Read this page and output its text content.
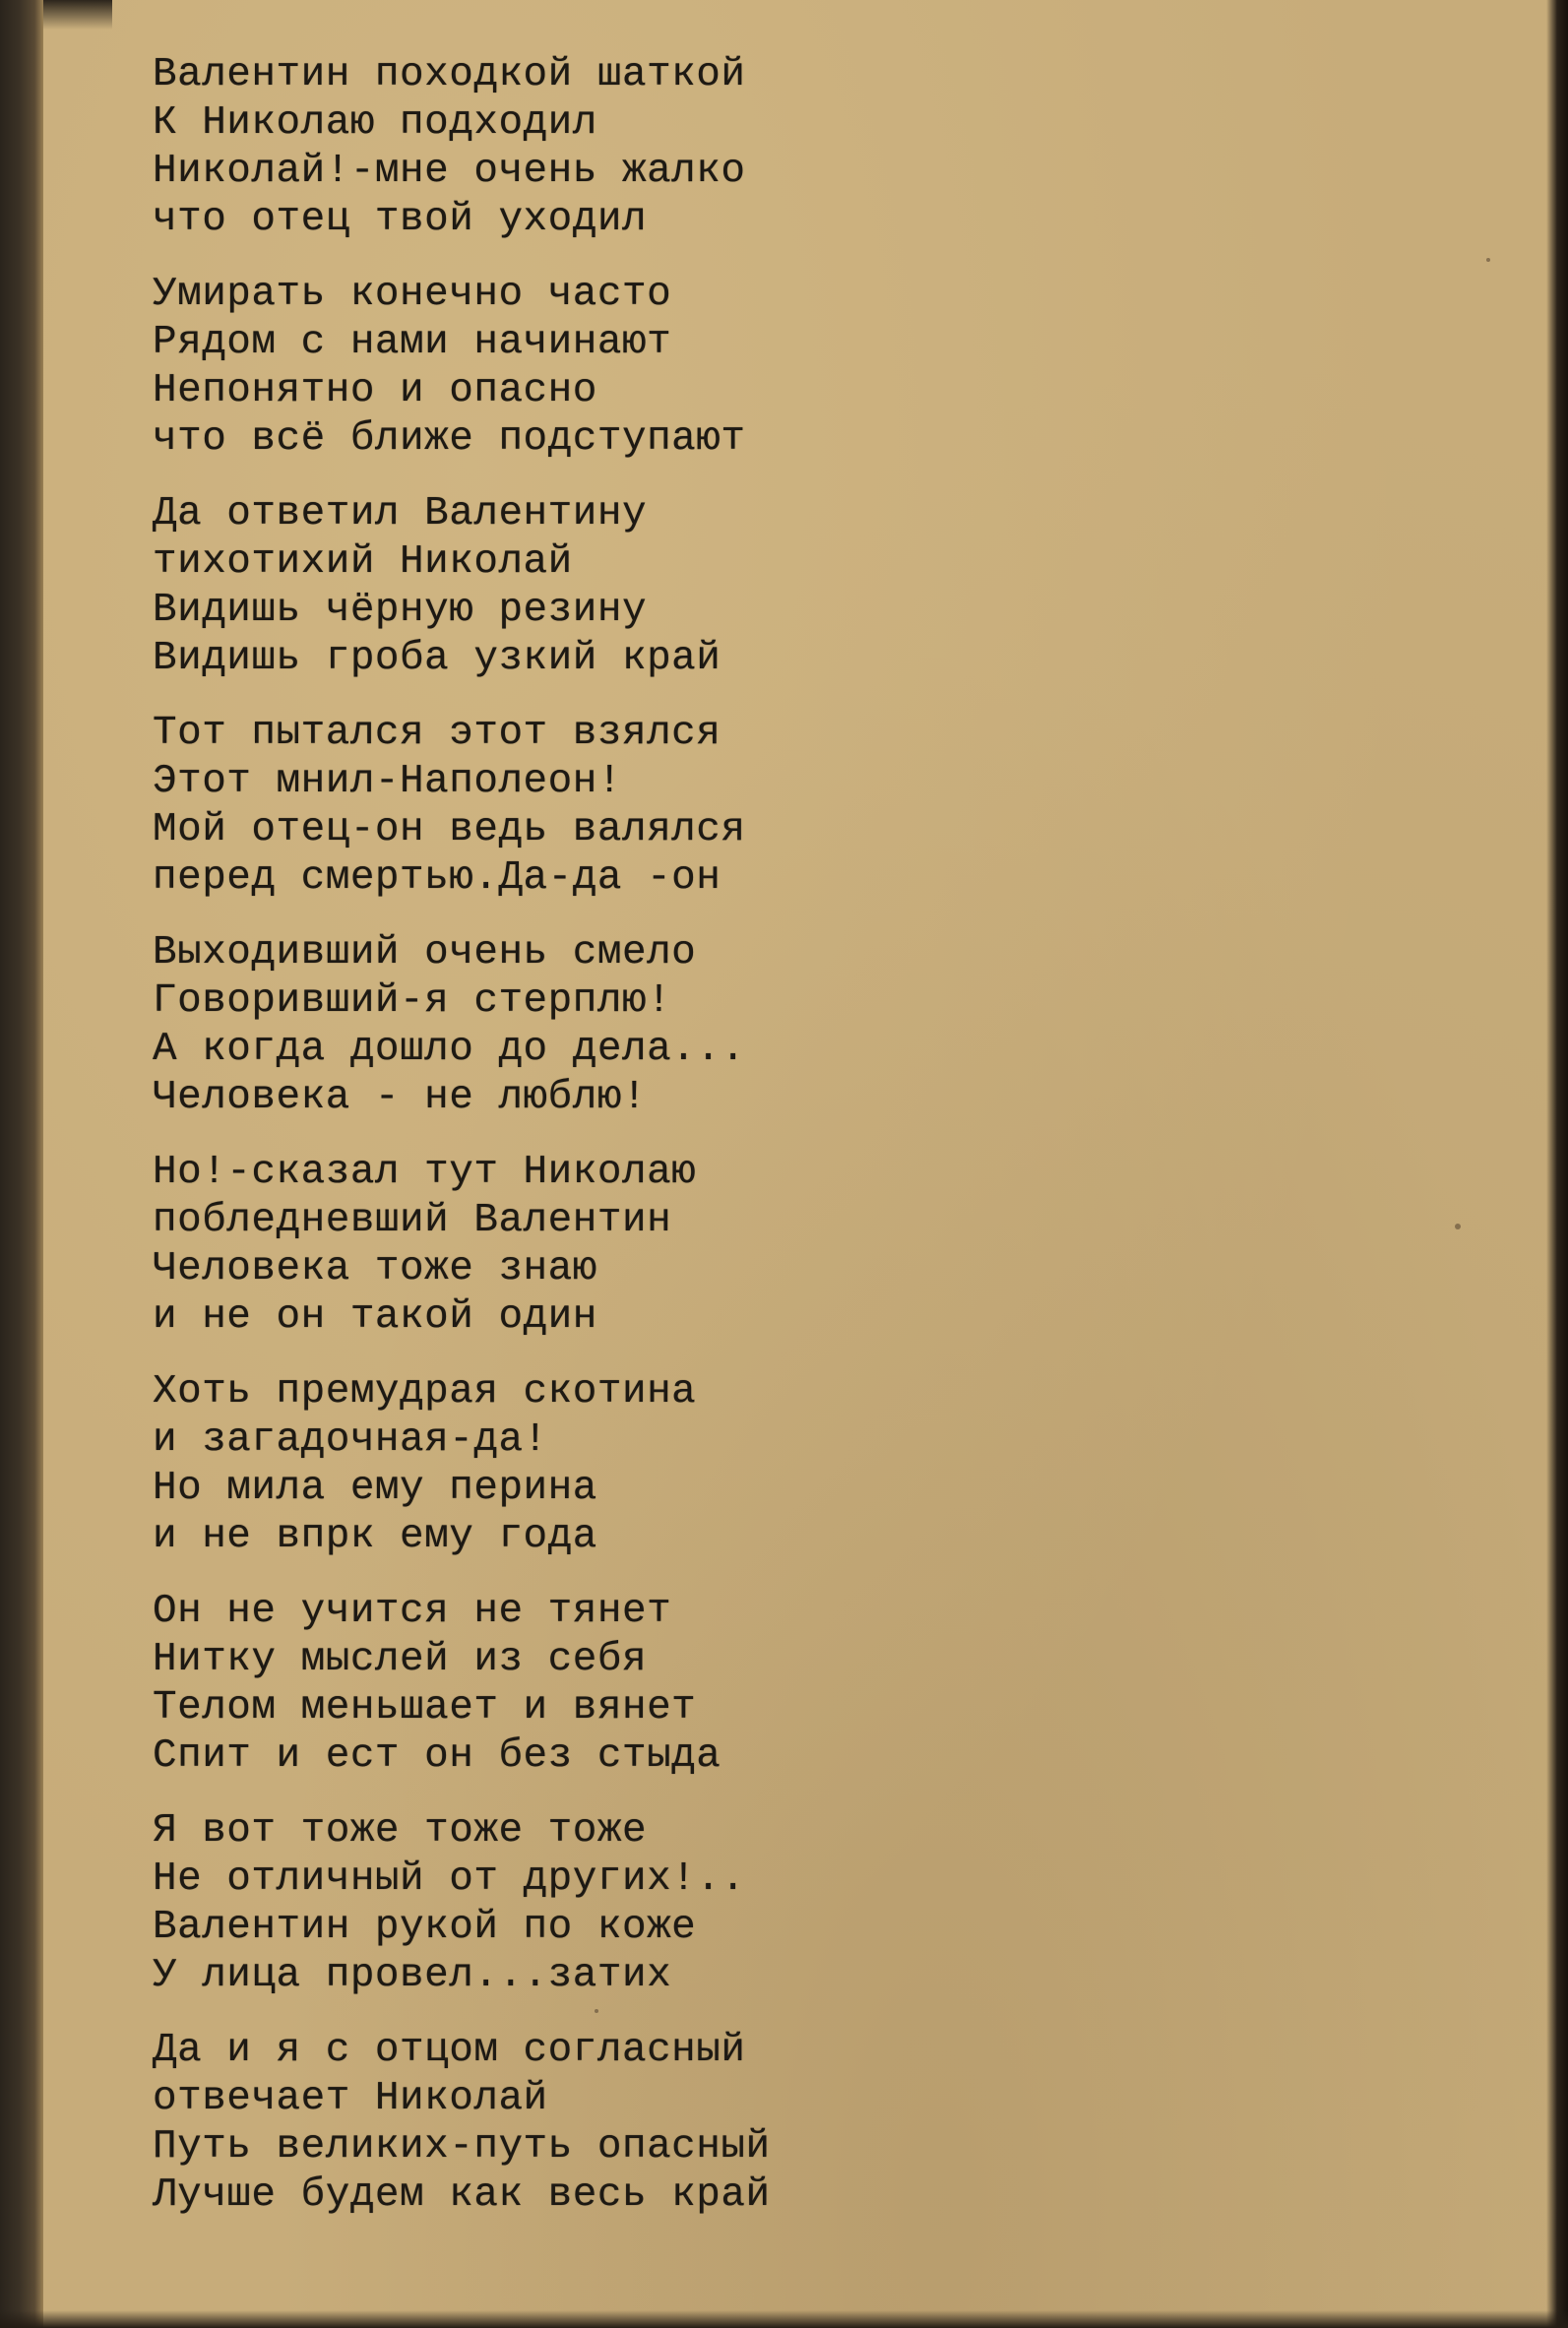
Валентин походкой шаткой
К Николаю подходил
Николай!-мне очень жалко
что отец твой уходил
Умирать конечно часто
Рядом с нами начинают
Непонятно и опасно
что всё ближе подступают
Да ответил Валентину
тихотихий Николай
Видишь чёрную резину
Видишь гроба узкий край
Тот пытался этот взялся
Этот мнил-Наполеон!
Мой отец-он ведь валялся
перед смертью.Да-да -он
Выходивший очень смело
Говоривший-я стерплю!
А когда дошло до дела...
Человека - не люблю!
Но!-сказал тут Николаю
побледневший Валентин
Человека тоже знаю
и не он такой один
Хоть премудрая скотина
и загадочная-да!
Но мила ему перина
и не впрк ему года
Он не учится не тянет
Нитку мыслей из себя
Телом меньшает и вянет
Спит и ест он без стыда
Я вот тоже тоже тоже
Не отличный от других!..
Валентин рукой по коже
У лица провел...затих
Да и я с отцом согласный
отвечает Николай
Путь великих-путь опасный
Лучше будем как весь край
